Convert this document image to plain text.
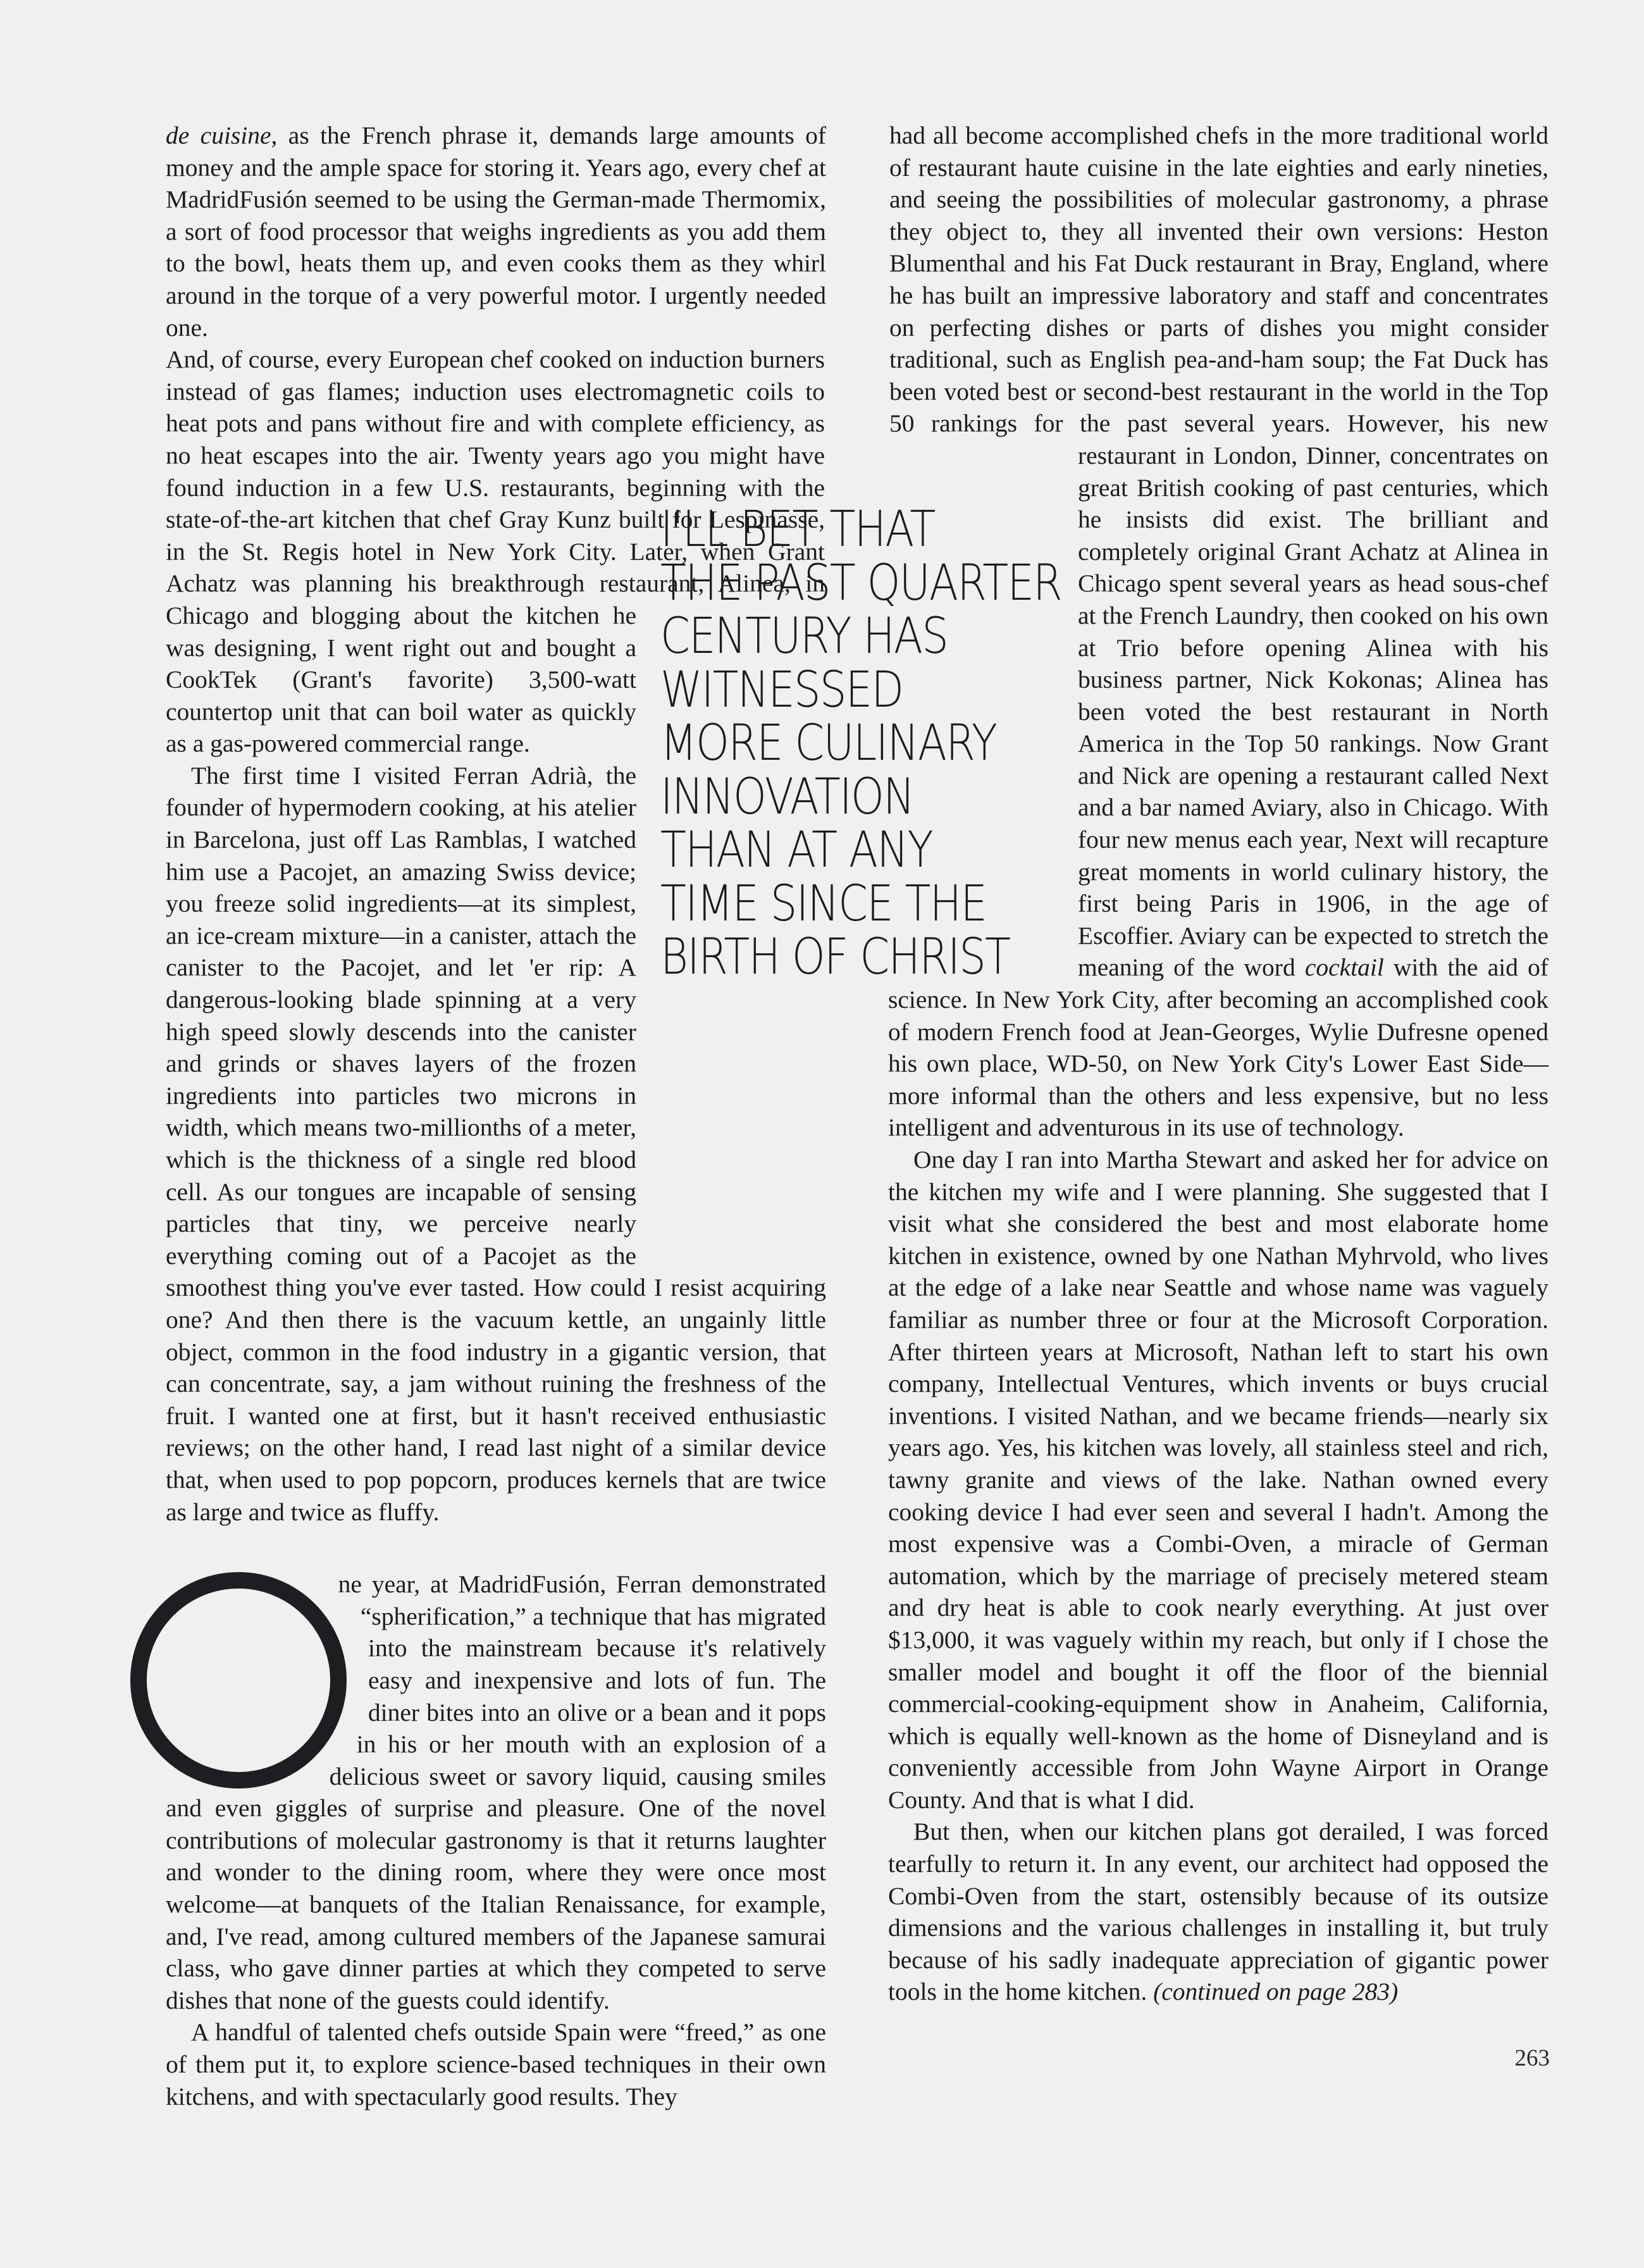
de cuisine, as the French phrase it, demands large amounts of money and the ample space for storing it. Years ago, every chef at MadridFusión seemed to be using the German-made Thermomix, a sort of food processor that weighs ingredients as you add them to the bowl, heats them up, and even cooks them as they whirl around in the torque of a very powerful motor. I urgently needed one.

And, of course, every European chef cooked on induction burners instead of gas flames; induction uses electromagnetic coils to heat pots and pans without fire and with complete efficiency, as no heat escapes into the air. Twenty years ago you might have found induction in a few U.S. restaurants, beginning with the state-of-the-art kitchen that chef Gray Kunz built for Lespinasse, in the St. Regis hotel in New York City. Later, when Grant Achatz was planning his breakthrough restaurant, Alinea, in Chicago and blogging about the kitchen he was designing, I went right out and bought a CookTek (Grant's favorite) 3,500-watt countertop unit that can boil water as quickly as a gas-powered commercial range.

The first time I visited Ferran Adrià, the founder of hypermodern cooking, at his atelier in Barcelona, just off Las Ramblas, I watched him use a Pacojet, an amazing Swiss device; you freeze solid ingredients—at its simplest, an ice-cream mixture—in a canister, attach the canister to the Pacojet, and let 'er rip: A dangerous-looking blade spinning at a very high speed slowly descends into the canister and grinds or shaves layers of the frozen ingredients into particles two microns in width, which means two-millionths of a meter, which is the thickness of a single red blood cell. As our tongues are incapable of sensing particles that tiny, we perceive nearly everything coming out of a Pacojet as the smoothest thing you've ever tasted. How could I resist acquiring one? And then there is the vacuum kettle, an ungainly little object, common in the food industry in a gigantic version, that can concentrate, say, a jam without ruining the freshness of the fruit. I wanted one at first, but it hasn't received enthusiastic reviews; on the other hand, I read last night of a similar device that, when used to pop popcorn, produces kernels that are twice as large and twice as fluffy.

ne year, at MadridFusión, Ferran demonstrated “spherification,” a technique that has migrated into the mainstream because it's relatively easy and inexpensive and lots of fun. The diner bites into an olive or a bean and it pops in his or her mouth with an explosion of a delicious sweet or savory liquid, causing smiles and even giggles of surprise and pleasure. One of the novel contributions of molecular gastronomy is that it returns laughter and wonder to the dining room, where they were once most welcome—at banquets of the Italian Renaissance, for example, and, I've read, among cultured members of the Japanese samurai class, who gave dinner parties at which they competed to serve dishes that none of the guests could identify.

A handful of talented chefs outside Spain were “freed,” as one of them put it, to explore science-based techniques in their own kitchens, and with spectacularly good results. They

had all become accomplished chefs in the more traditional world of restaurant haute cuisine in the late eighties and early nineties, and seeing the possibilities of molecular gastronomy, a phrase they object to, they all invented their own versions: Heston Blumenthal and his Fat Duck restaurant in Bray, England, where he has built an impressive laboratory and staff and concentrates on perfecting dishes or parts of dishes you might consider traditional, such as English pea-and-ham soup; the Fat Duck has been voted best or second-best restaurant in the world in the Top 50 rankings for the past several years. However, his new restaurant in London, Dinner, concentrates on great British cooking of past centuries, which he insists did exist. The brilliant and completely original Grant Achatz at Alinea in Chicago spent several years as head sous-chef at the French Laundry, then cooked on his own at Trio before opening Alinea with his business partner, Nick Kokonas; Alinea has been voted the best restaurant in North America in the Top 50 rankings. Now Grant and Nick are opening a restaurant called Next and a bar named Aviary, also in Chicago. With four new menus each year, Next will recapture great moments in world culinary history, the first being Paris in 1906, in the age of Escoffier. Aviary can be expected to stretch the meaning of the word cocktail with the aid of science. In New York City, after becoming an accomplished cook of modern French food at Jean-Georges, Wylie Dufresne opened his own place, WD-50, on New York City's Lower East Side—more informal than the others and less expensive, but no less intelligent and adventurous in its use of technology.

One day I ran into Martha Stewart and asked her for advice on the kitchen my wife and I were planning. She suggested that I visit what she considered the best and most elaborate home kitchen in existence, owned by one Nathan Myhrvold, who lives at the edge of a lake near Seattle and whose name was vaguely familiar as number three or four at the Microsoft Corporation. After thirteen years at Microsoft, Nathan left to start his own company, Intellectual Ventures, which invents or buys crucial inventions. I visited Nathan, and we became friends—nearly six years ago. Yes, his kitchen was lovely, all stainless steel and rich, tawny granite and views of the lake. Nathan owned every cooking device I had ever seen and several I hadn't. Among the most expensive was a Combi-Oven, a miracle of German automation, which by the marriage of precisely metered steam and dry heat is able to cook nearly everything. At just over $13,000, it was vaguely within my reach, but only if I chose the smaller model and bought it off the floor of the biennial commercial-cooking-equipment show in Anaheim, California, which is equally well-known as the home of Disneyland and is conveniently accessible from John Wayne Airport in Orange County. And that is what I did.

But then, when our kitchen plans got derailed, I was forced tearfully to return it. In any event, our architect had opposed the Combi-Oven from the start, ostensibly because of its outsize dimensions and the various challenges in installing it, but truly because of his sadly inadequate appreciation of gigantic power tools in the home kitchen. (continued on page 283)

I'LL BET THAT
THE PAST QUARTER
CENTURY HAS
WITNESSED
MORE CULINARY
INNOVATION
THAN AT ANY
TIME SINCE THE
BIRTH OF CHRIST
263
